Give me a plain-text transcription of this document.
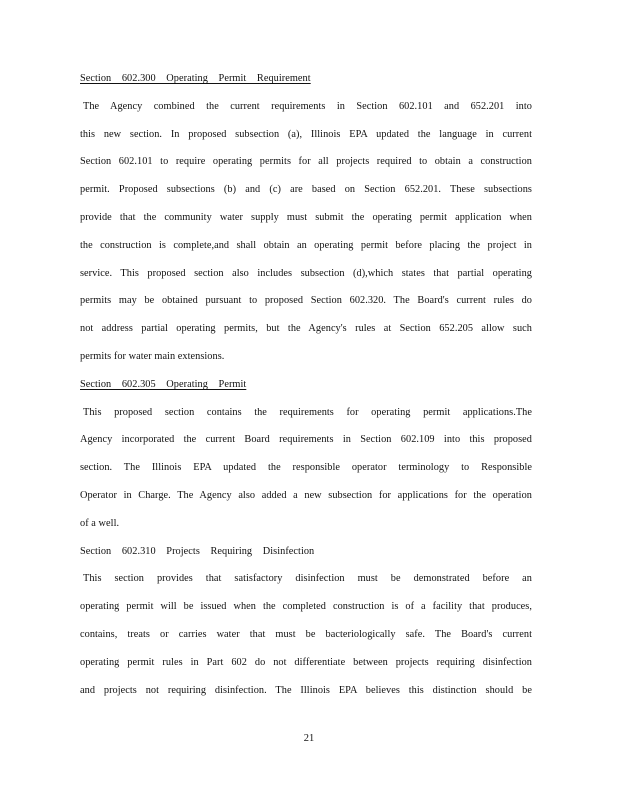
Section 602.300 Operating Permit Requirement
The Agency combined the current requirements in Section 602.101 and 652.201 into
this new section. In proposed subsection (a), Illinois EPA updated the language in current
Section 602.101 to require operating permits for all projects required to obtain a construction
permit. Proposed subsections (b) and (c) are based on Section 652.201. These subsections
provide that the community water supply must submit the operating permit application when
the construction is complete,and shall obtain an operating permit before placing the project in
service. This proposed section also includes subsection (d),which states that partial operating
permits may be obtained pursuant to proposed Section 602.320. The Board's current rules do
not address partial operating permits, but the Agency's rules at Section 652.205 allow such
permits for water main extensions.
Section 602.305 Operating Permit
This proposed section contains the requirements for operating permit applications.The
Agency incorporated the current Board requirements in Section 602.109 into this proposed
section. The Illinois EPA updated the responsible operator terminology to Responsible
Operator in Charge. The Agency also added a new subsection for applications for the operation
of a well.
Section 602.310 Projects Requiring Disinfection
This section provides that satisfactory disinfection must be demonstrated before an
operating permit will be issued when the completed construction is of a facility that produces,
contains, treats or carries water that must be bacteriologically safe. The Board's current
operating permit rules in Part 602 do not differentiate between projects requiring disinfection
and projects not requiring disinfection. The Illinois EPA believes this distinction should be
21
